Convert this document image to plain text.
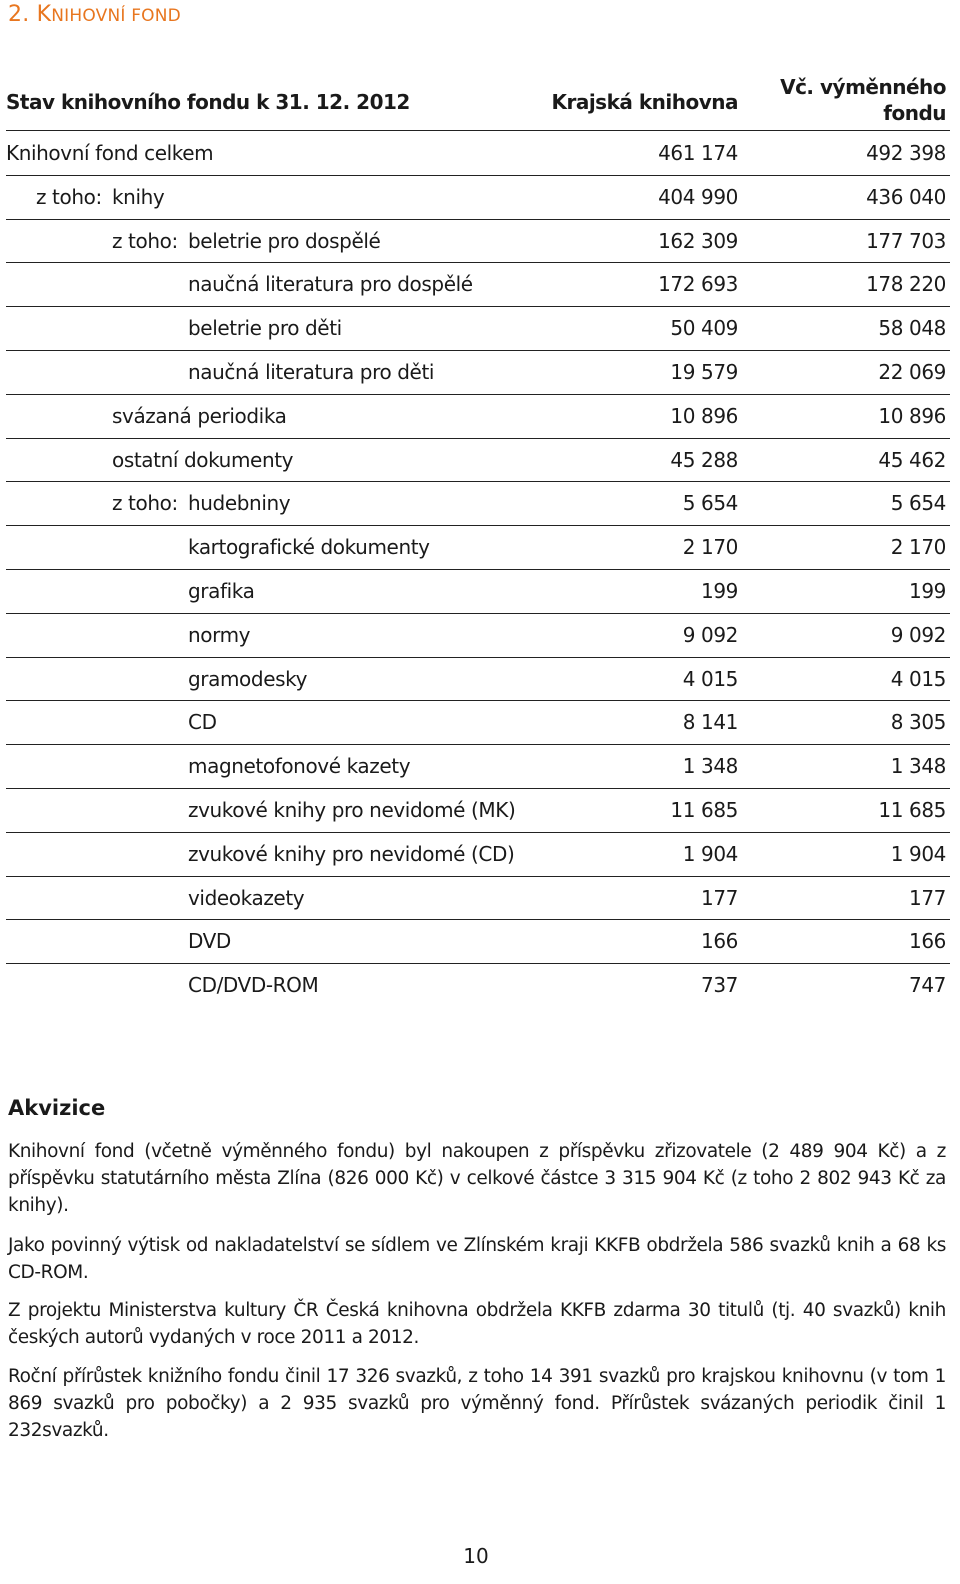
2. KNIHOVNÍ FOND
Stav knihovního fondu k 31. 12. 2012	Krajská knihovna
Vč. výměnného
fondu
Knihovní fond celkem	461 174	492 398
z toho: knihy	404 990	436 040
z toho: beletrie pro dospělé	162 309	177 703
naučná literatura pro dospělé	172 693	178 220
beletrie pro děti	50 409	58 048
naučná literatura pro děti	19 579	22 069
svázaná periodika	10 896	10 896
ostatní dokumenty	45 288	45 462
z toho: hudebniny	5 654	5 654
kartografické dokumenty	2 170	2 170
grafika	199	199
normy	9 092	9 092
gramodesky	4 015	4 015
CD	8 141	8 305
magnetofonové kazety	1 348	1 348
zvukové knihy pro nevidomé (MK)	11 685	11 685
zvukové knihy pro nevidomé (CD)	1 904	1 904
videokazety	177	177
DVD	166	166
CD/DVD-ROM	737	747
Akvizice
Knihovní fond (včetně výměnného fondu) byl nakoupen z příspěvku zřizovatele (2 489 904 Kč) a z příspěvku statutárního města Zlína (826 000 Kč) v celkové částce 3 315 904 Kč (z toho 2 802 943 Kč za knihy).
Jako povinný výtisk od nakladatelství se sídlem ve Zlínském kraji KKFB obdržela 586 svazků knih a 68 ks CD-ROM.
Z projektu Ministerstva kultury ČR Česká knihovna obdržela KKFB zdarma 30 titulů (tj. 40 svazků) knih českých autorů vydaných v roce 2011 a 2012.
Roční přírůstek knižního fondu činil 17 326 svazků, z toho 14 391 svazků pro krajskou knihovnu (v tom 1 869 svazků pro pobočky) a 2 935 svazků pro výměnný fond. Přírůstek svázaných periodik činil 1 232svazků.
10
